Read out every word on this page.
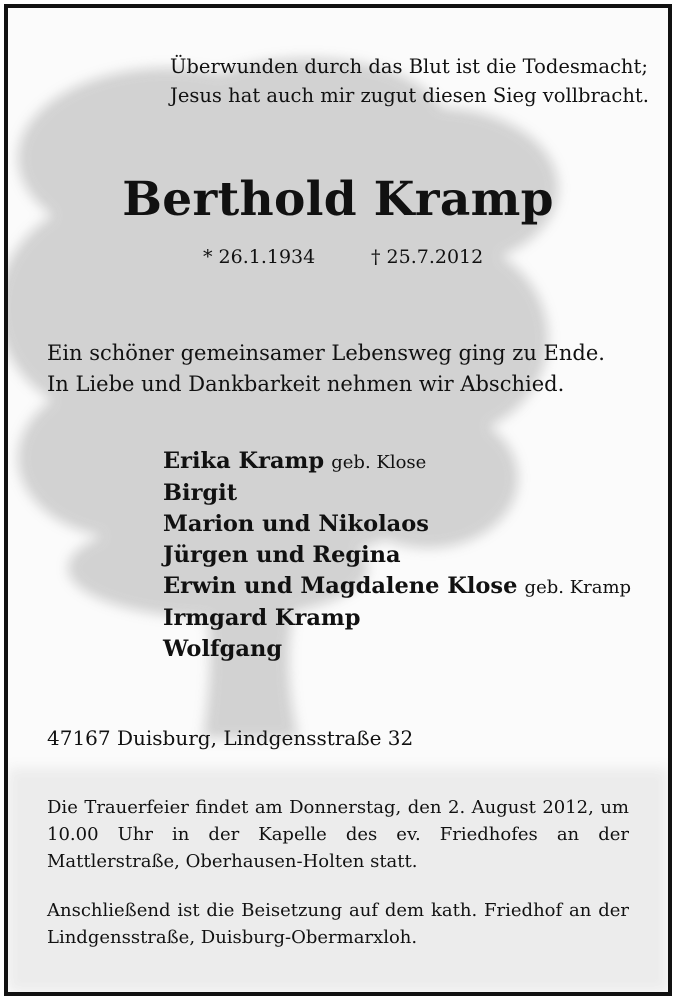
Überwunden durch das Blut ist die Todesmacht;
Jesus hat auch mir zugut diesen Sieg vollbracht.
Berthold Kramp
* 26.1.1934	† 25.7.2012
Ein schöner gemeinsamer Lebensweg ging zu Ende.
In Liebe und Dankbarkeit nehmen wir Abschied.
Erika Kramp geb. Klose
Birgit
Marion und Nikolaos
Jürgen und Regina
Erwin und Magdalene Klose geb. Kramp
Irmgard Kramp
Wolfgang
47167 Duisburg, Lindgensstraße 32
Die Trauerfeier findet am Donnerstag, den 2. August 2012, um 10.00 Uhr in der Kapelle des ev. Friedhofes an der Mattlerstraße, Oberhausen-Holten statt.
Anschließend ist die Beisetzung auf dem kath. Friedhof an der Lindgensstraße, Duisburg-Obermarxloh.
